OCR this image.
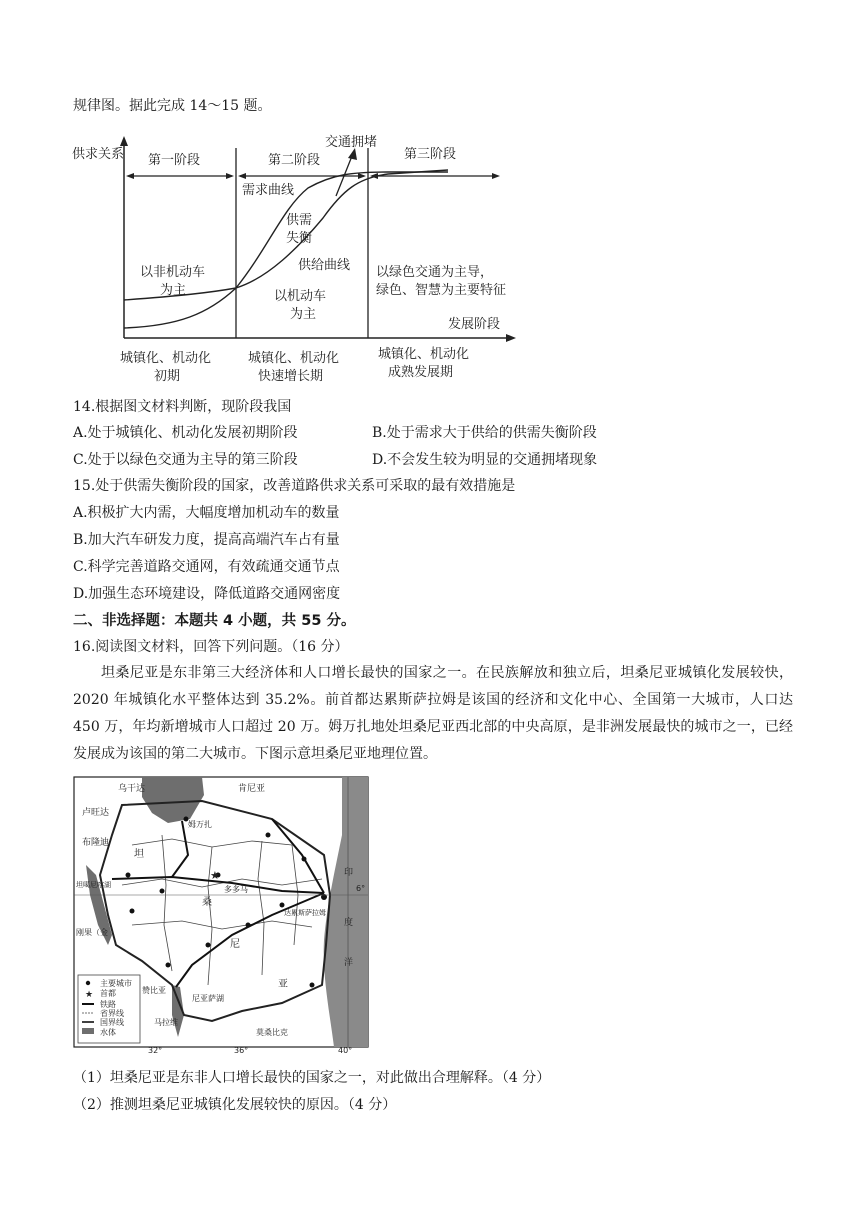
规律图。据此完成 14～15 题。
供求关系 第一阶段	第二阶段	第三阶段
交通拥堵
需求曲线
供需
失衡
供给曲线
以非机动车
为主	以机动车
为主
以绿色交通为主导，
绿色、智慧为主要特征
发展阶段
城镇化、机动化
初期
城镇化、机动化
快速增长期
城镇化、机动化
成熟发展期
14.根据图文材料判断，现阶段我国
A.处于城镇化、机动化发展初期阶段	B.处于需求大于供给的供需失衡阶段
C.处于以绿色交通为主导的第三阶段	D.不会发生较为明显的交通拥堵现象
15.处于供需失衡阶段的国家，改善道路供求关系可采取的最有效措施是
A.积极扩大内需，大幅度增加机动车的数量
B.加大汽车研发力度，提高高端汽车占有量
C.科学完善道路交通网，有效疏通交通节点
D.加强生态环境建设，降低道路交通网密度
二、非选择题：本题共 4 小题，共 55 分。
16.阅读图文材料，回答下列问题。（16 分）
坦桑尼亚是东非第三大经济体和人口增长最快的国家之一。在民族解放和独立后，坦桑尼亚城镇化发展较快，2020 年城镇化水平整体达到 35.2%。前首都达累斯萨拉姆是该国的经济和文化中心、全国第一大城市，人口达 450 万，年均新增城市人口超过 20 万。姆万扎地处坦桑尼亚西北部的中央高原，是非洲发展最快的城市之一，已经发展成为该国的第二大城市。下图示意坦桑尼亚地理位置。
★
★
主要城市
首都
铁路
省界线
国界线
水体
乌干达	肯尼亚
卢旺达
布隆迪
姆万扎
坦
桑
尼
亚
多多马
达累斯萨拉姆
坦噶尼喀湖
刚果（金
赞比亚
尼亚萨湖
马拉维
莫桑比克
印
度
洋
6°
32°	36°	40°
（1）坦桑尼亚是东非人口增长最快的国家之一，对此做出合理解释。（4 分）
（2）推测坦桑尼亚城镇化发展较快的原因。（4 分）
